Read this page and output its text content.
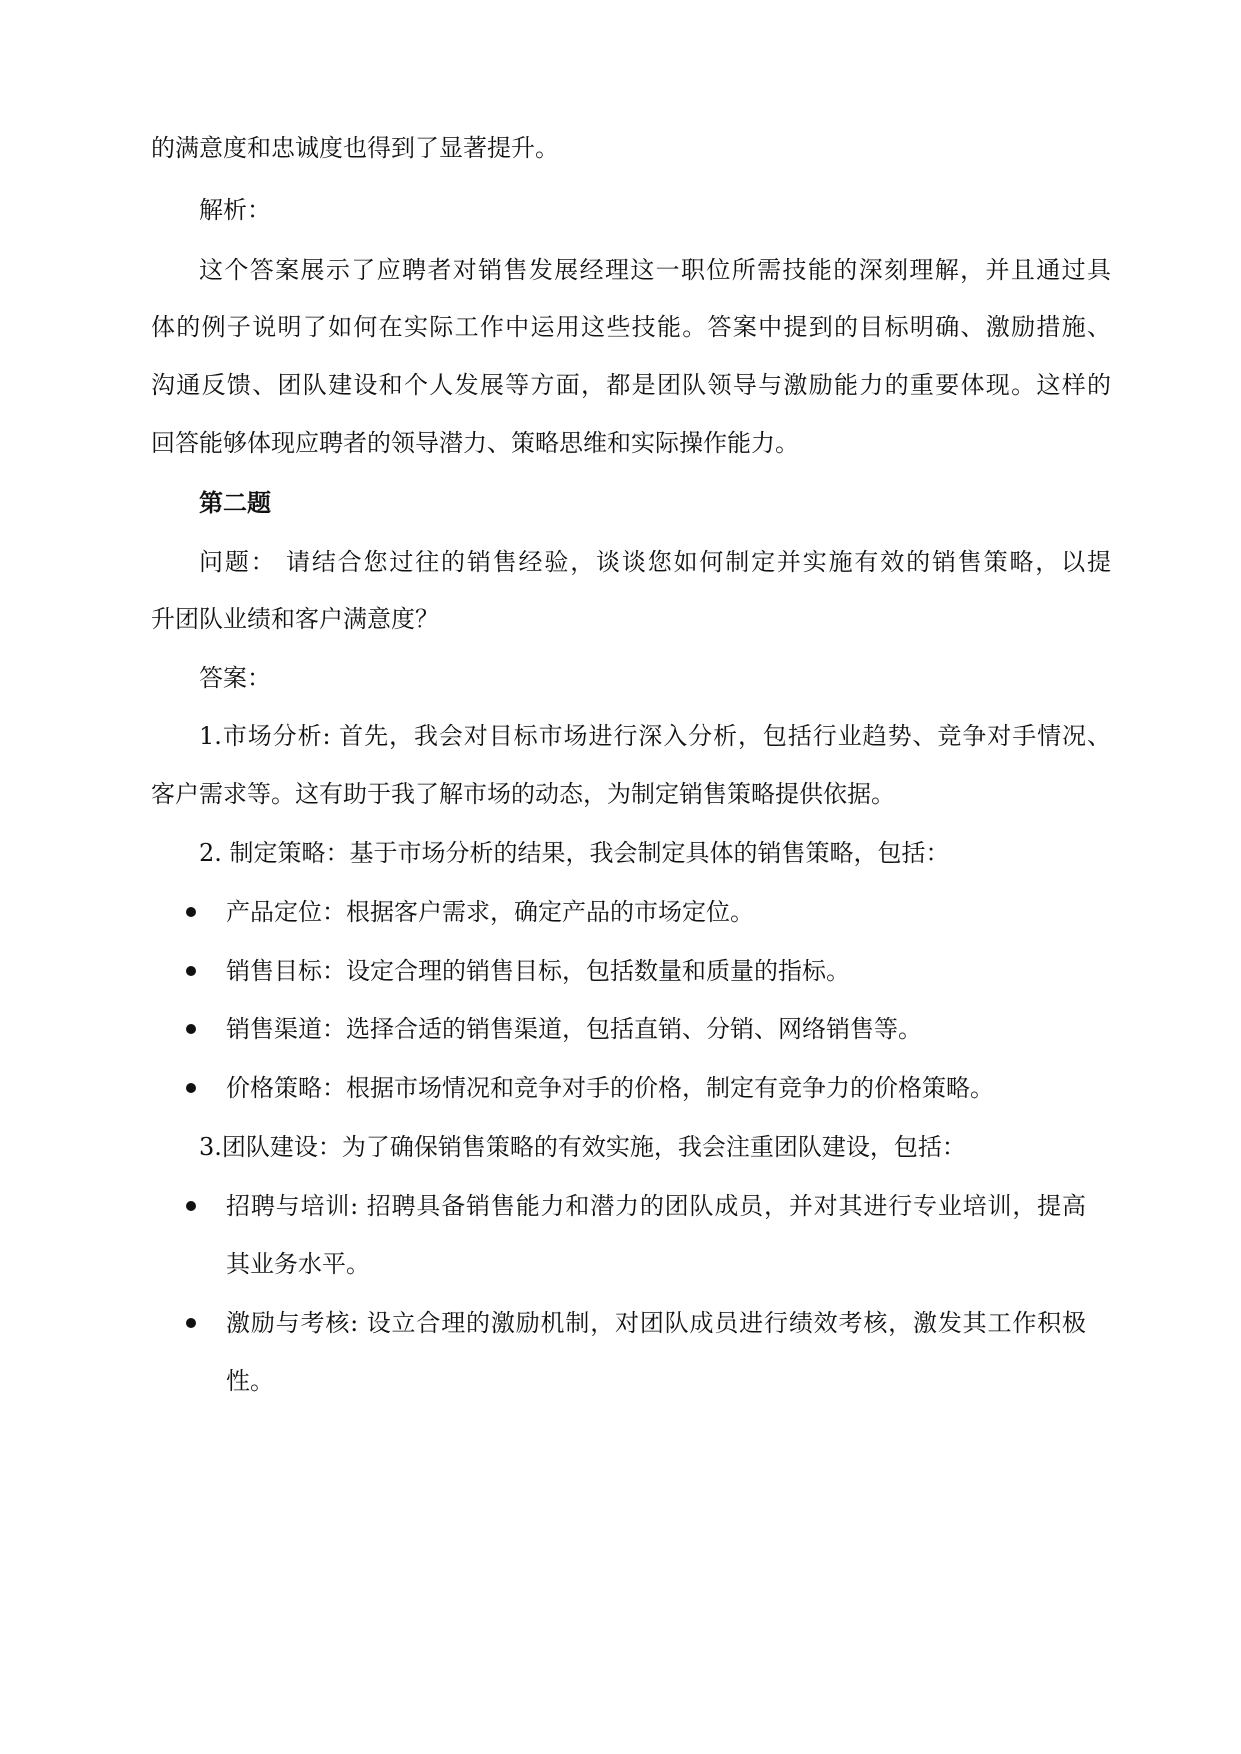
的满意度和忠诚度也得到了显著提升。
解析：
这个答案展示了应聘者对销售发展经理这一职位所需技能的深刻理解，并且通过具
体的例子说明了如何在实际工作中运用这些技能。答案中提到的目标明确、激励措施、
沟通反馈、团队建设和个人发展等方面，都是团队领导与激励能力的重要体现。这样的
回答能够体现应聘者的领导潜力、策略思维和实际操作能力。
第二题
问题： 请结合您过往的销售经验，谈谈您如何制定并实施有效的销售策略，以提
升团队业绩和客户满意度？
答案：
1.市场分析: 首先，我会对目标市场进行深入分析，包括行业趋势、竞争对手情况、
客户需求等。这有助于我了解市场的动态，为制定销售策略提供依据。
2. 制定策略：基于市场分析的结果，我会制定具体的销售策略，包括：
产品定位：根据客户需求，确定产品的市场定位。
销售目标：设定合理的销售目标，包括数量和质量的指标。
销售渠道：选择合适的销售渠道，包括直销、分销、网络销售等。
价格策略：根据市场情况和竞争对手的价格，制定有竞争力的价格策略。
3.团队建设：为了确保销售策略的有效实施，我会注重团队建设，包括：
招聘与培训: 招聘具备销售能力和潜力的团队成员，并对其进行专业培训，提高
其业务水平。
激励与考核: 设立合理的激励机制，对团队成员进行绩效考核，激发其工作积极
性。
